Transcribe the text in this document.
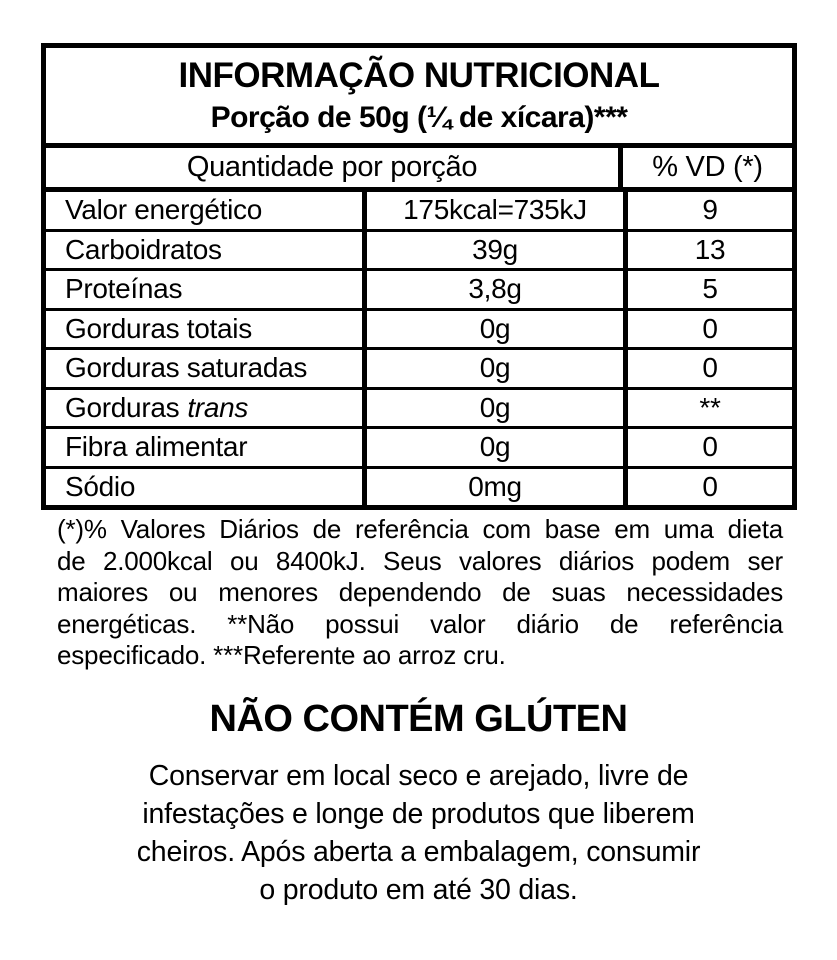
INFORMAÇÃO NUTRICIONAL
Porção de 50g (¼ de xícara)***
Quantidade por porção	% VD (*)
Valor energético	175kcal=735kJ	9
Carboidratos	39g	13
Proteínas	3,8g	5
Gorduras totais	0g	0
Gorduras saturadas	0g	0
Gorduras trans	0g	**
Fibra alimentar	0g	0
Sódio	0mg	0
(*)% Valores Diários de referência com base em uma dieta
de 2.000kcal ou 8400kJ. Seus valores diários podem ser
maiores ou menores dependendo de suas necessidades
energéticas. **Não possui valor diário de referência
especificado. ***Referente ao arroz cru.
NÃO CONTÉM GLÚTEN
Conservar em local seco e arejado, livre de
infestações e longe de produtos que liberem
cheiros. Após aberta a embalagem, consumir
o produto em até 30 dias.
